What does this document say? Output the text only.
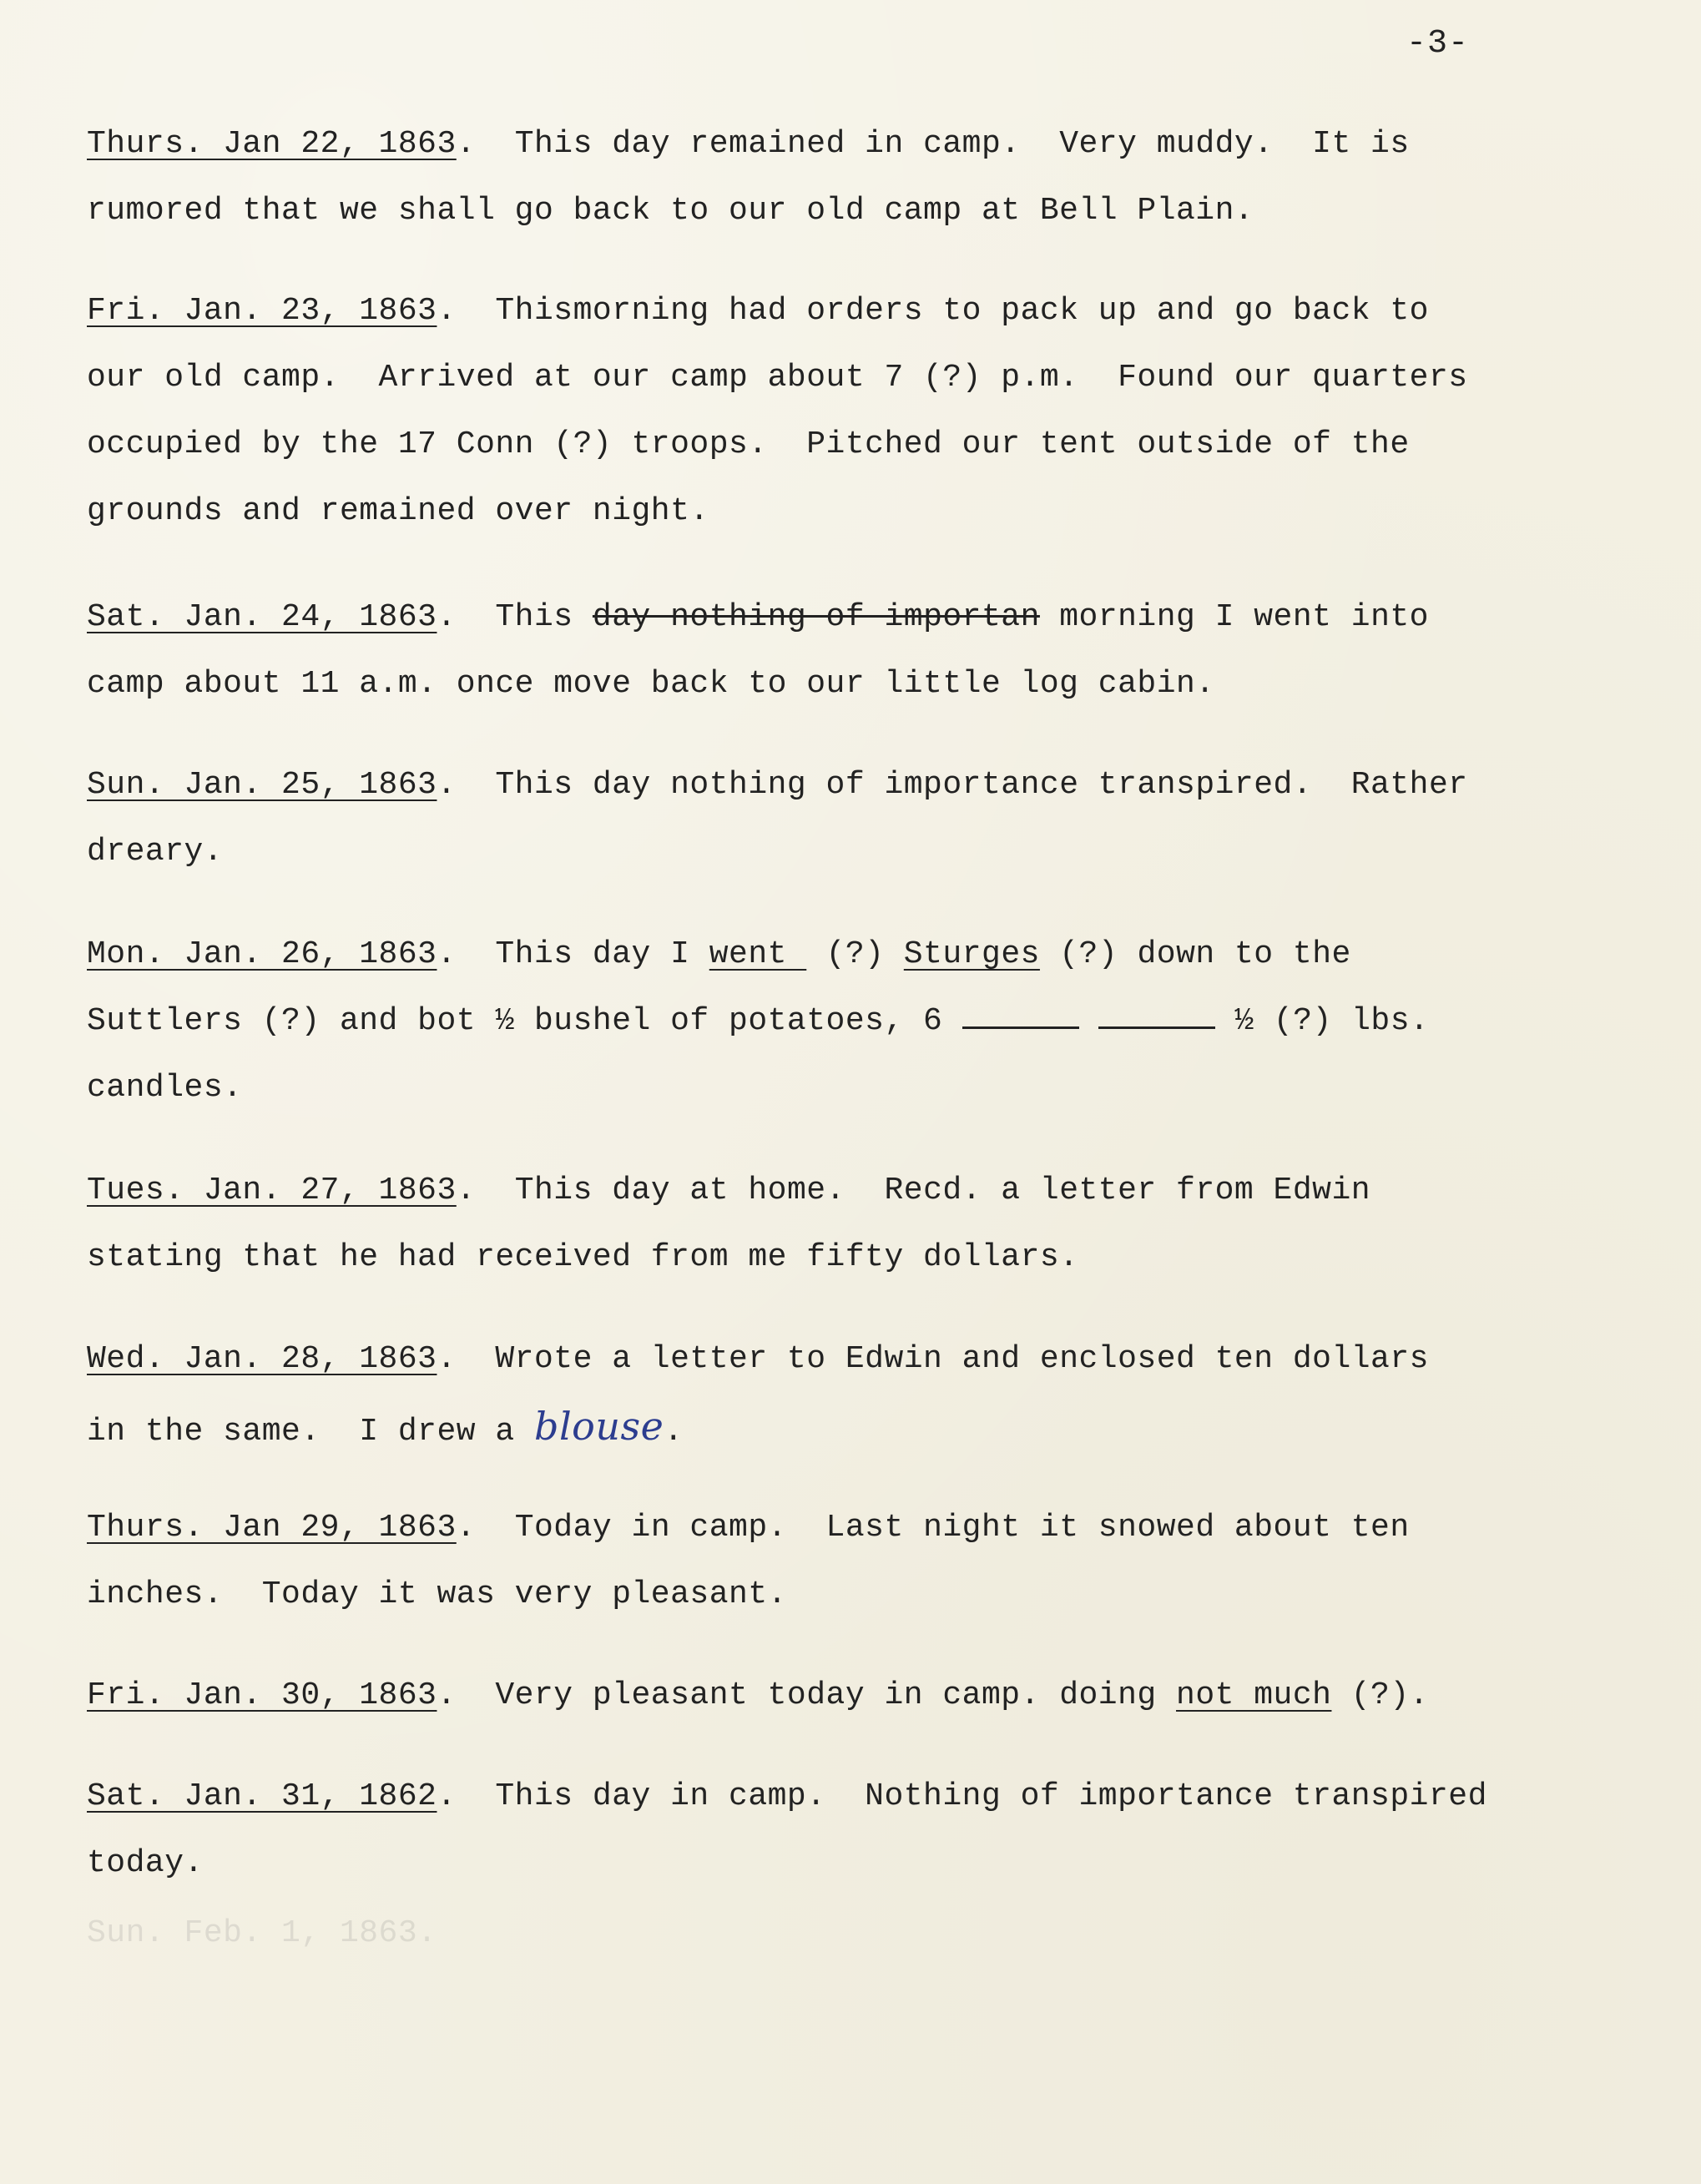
-3-
Thurs. Jan 22, 1863.  This day remained in camp.  Very muddy.  It is
rumored that we shall go back to our old camp at Bell Plain.
Fri. Jan. 23, 1863.  Thismorning had orders to pack up and go back to
our old camp.  Arrived at our camp about 7 (?) p.m.  Found our quarters
occupied by the 17 Conn (?) troops.  Pitched our tent outside of the
grounds and remained over night.
Sat. Jan. 24, 1863.  This day nothing of importan morning I went into
camp about 11 a.m. once move back to our little log cabin.
Sun. Jan. 25, 1863.  This day nothing of importance transpired.  Rather
dreary.
Mon. Jan. 26, 1863.  This day I went  (?) Sturges (?) down to the
Suttlers (?) and bot ½ bushel of potatoes, 6	½ (?) lbs.
candles.
Tues. Jan. 27, 1863.  This day at home.  Recd. a letter from Edwin
stating that he had received from me fifty dollars.
Wed. Jan. 28, 1863.  Wrote a letter to Edwin and enclosed ten dollars
in the same.  I drew a blouse.
Thurs. Jan 29, 1863.  Today in camp.  Last night it snowed about ten
inches.  Today it was very pleasant.
Fri. Jan. 30, 1863.  Very pleasant today in camp. doing not much (?).
Sat. Jan. 31, 1862.  This day in camp.  Nothing of importance transpired
today.
Sun. Feb. 1, 1863.
